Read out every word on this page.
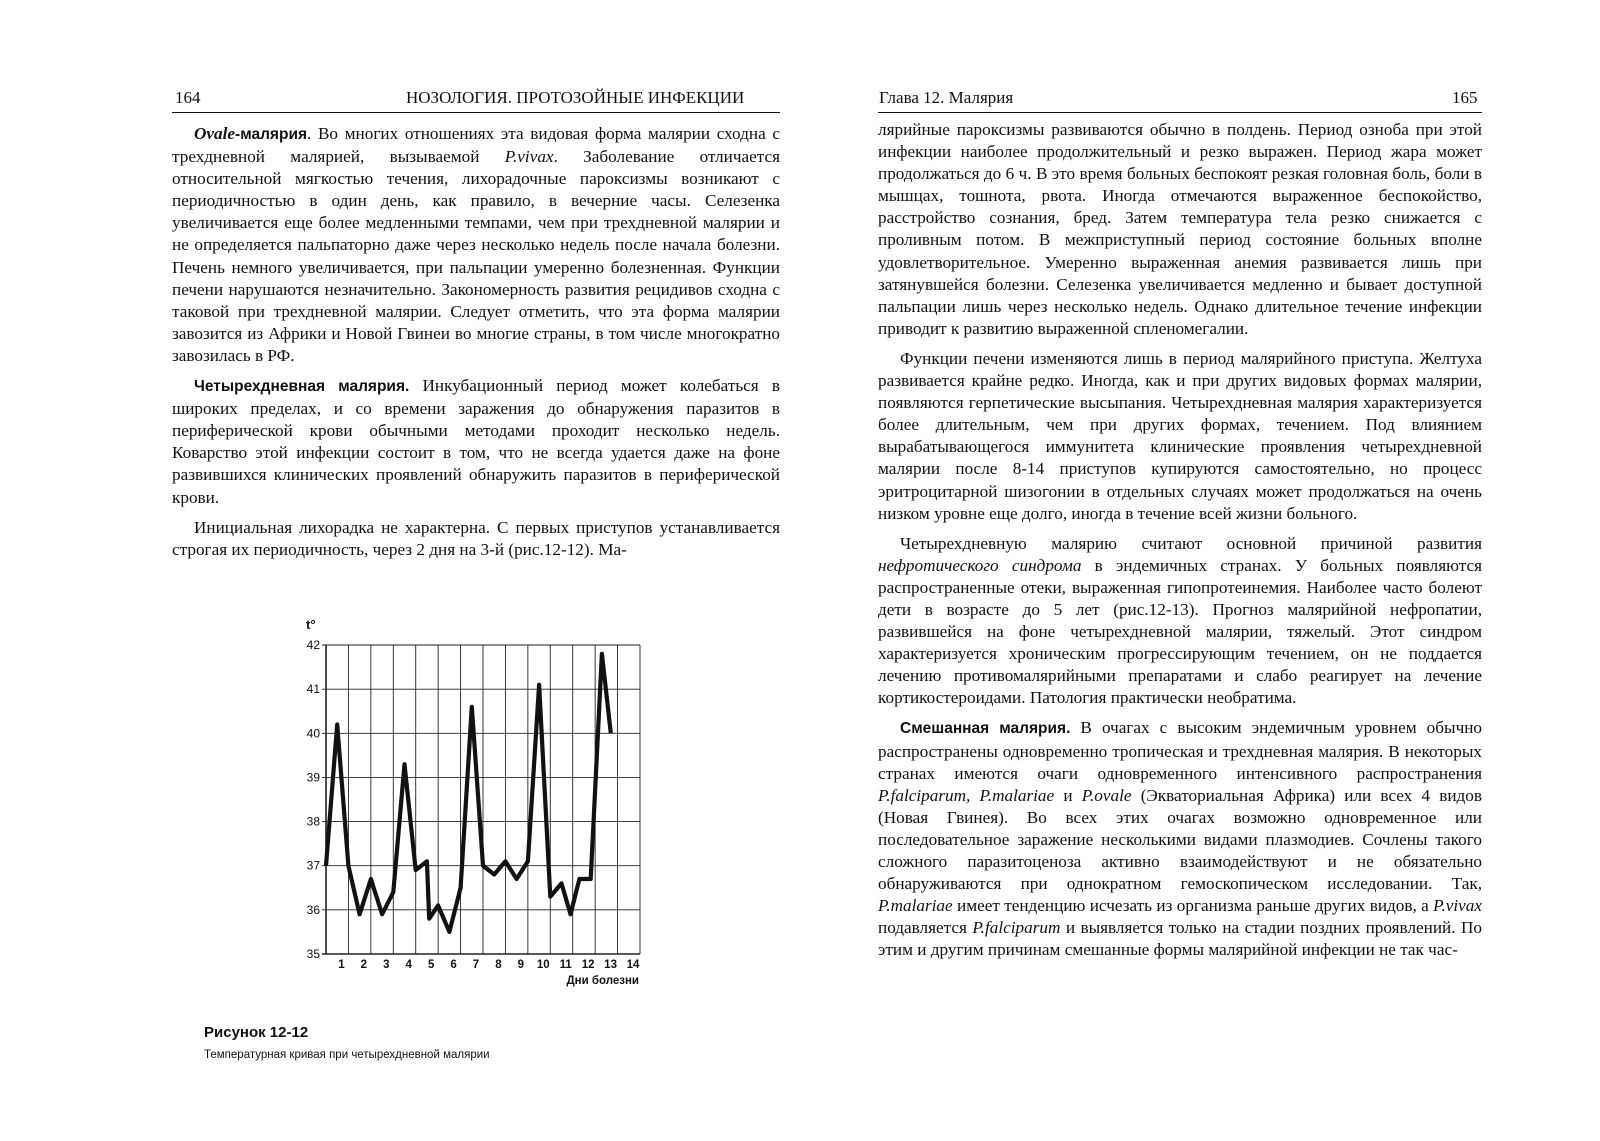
164	НОЗОЛОГИЯ. ПРОТОЗОЙНЫЕ ИНФЕКЦИИ

Ovale-малярия. Во многих отношениях эта видовая форма малярии сходна с трехдневной малярией, вызываемой P.vivax. Заболевание отличается относительной мягкостью течения, лихорадочные пароксизмы возникают с периодичностью в один день, как правило, в вечерние часы. Селезенка увеличивается еще более медленными темпами, чем при трехдневной малярии и не определяется пальпаторно даже через несколько недель после начала болезни. Печень немного увеличивается, при пальпации умеренно болезненная. Функции печени нарушаются незначительно. Закономерность развития рецидивов сходна с таковой при трехдневной малярии. Следует отметить, что эта форма малярии завозится из Африки и Новой Гвинеи во многие страны, в том числе многократно завозилась в РФ.

Четырехдневная малярия. Инкубационный период может колебаться в широких пределах, и со времени заражения до обнаружения паразитов в периферической крови обычными методами проходит несколько недель. Коварство этой инфекции состоит в том, что не всегда удается даже на фоне развившихся клинических проявлений обнаружить паразитов в периферической крови.

Инициальная лихорадка не характерна. С первых приступов устанавливается строгая их периодичность, через 2 дня на 3-й (рис.12-12). Ма-

t°
35
36
37
38
39
40
41
42
1 2 3 4 5 6 7 8 9 10 11 12 13 14
Дни болезни
Рисунок 12-12
Температурная кривая при четырехдневной малярии
Глава 12. Малярия	165

лярийные пароксизмы развиваются обычно в полдень. Период озноба при этой инфекции наиболее продолжительный и резко выражен. Период жара может продолжаться до 6 ч. В это время больных беспокоят резкая головная боль, боли в мышцах, тошнота, рвота. Иногда отмечаются выраженное беспокойство, расстройство сознания, бред. Затем температура тела резко снижается с проливным потом. В межприступный период состояние больных вполне удовлетворительное. Умеренно выраженная анемия развивается лишь при затянувшейся болезни. Селезенка увеличивается медленно и бывает доступной пальпации лишь через несколько недель. Однако длительное течение инфекции приводит к развитию выраженной спленомегалии.

Функции печени изменяются лишь в период малярийного приступа. Желтуха развивается крайне редко. Иногда, как и при других видовых формах малярии, появляются герпетические высыпания. Четырехдневная малярия характеризуется более длительным, чем при других формах, течением. Под влиянием вырабатывающегося иммунитета клинические проявления четырехдневной малярии после 8-14 приступов купируются самостоятельно, но процесс эритроцитарной шизогонии в отдельных случаях может продолжаться на очень низком уровне еще долго, иногда в течение всей жизни больного.

Четырехдневную малярию считают основной причиной развития нефротического синдрома в эндемичных странах. У больных появляются распространенные отеки, выраженная гипопротеинемия. Наиболее часто болеют дети в возрасте до 5 лет (рис.12-13). Прогноз малярийной нефропатии, развившейся на фоне четырехдневной малярии, тяжелый. Этот синдром характеризуется хроническим прогрессирующим течением, он не поддается лечению противомалярийными препаратами и слабо реагирует на лечение кортикостероидами. Патология практически необратима.

Смешанная малярия. В очагах с высоким эндемичным уровнем обычно распространены одновременно тропическая и трехдневная малярия. В некоторых странах имеются очаги одновременного интенсивного распространения P.falciparum, P.malariae и P.ovale (Экваториальная Африка) или всех 4 видов (Новая Гвинея). Во всех этих очагах возможно одновременное или последовательное заражение несколькими видами плазмодиев. Сочлены такого сложного паразитоценоза активно взаимодействуют и не обязательно обнаруживаются при однократном гемоскопическом исследовании. Так, P.malariae имеет тенденцию исчезать из организма раньше других видов, а P.vivax подавляется P.falciparum и выявляется только на стадии поздних проявлений. По этим и другим причинам смешанные формы малярийной инфекции не так час-
